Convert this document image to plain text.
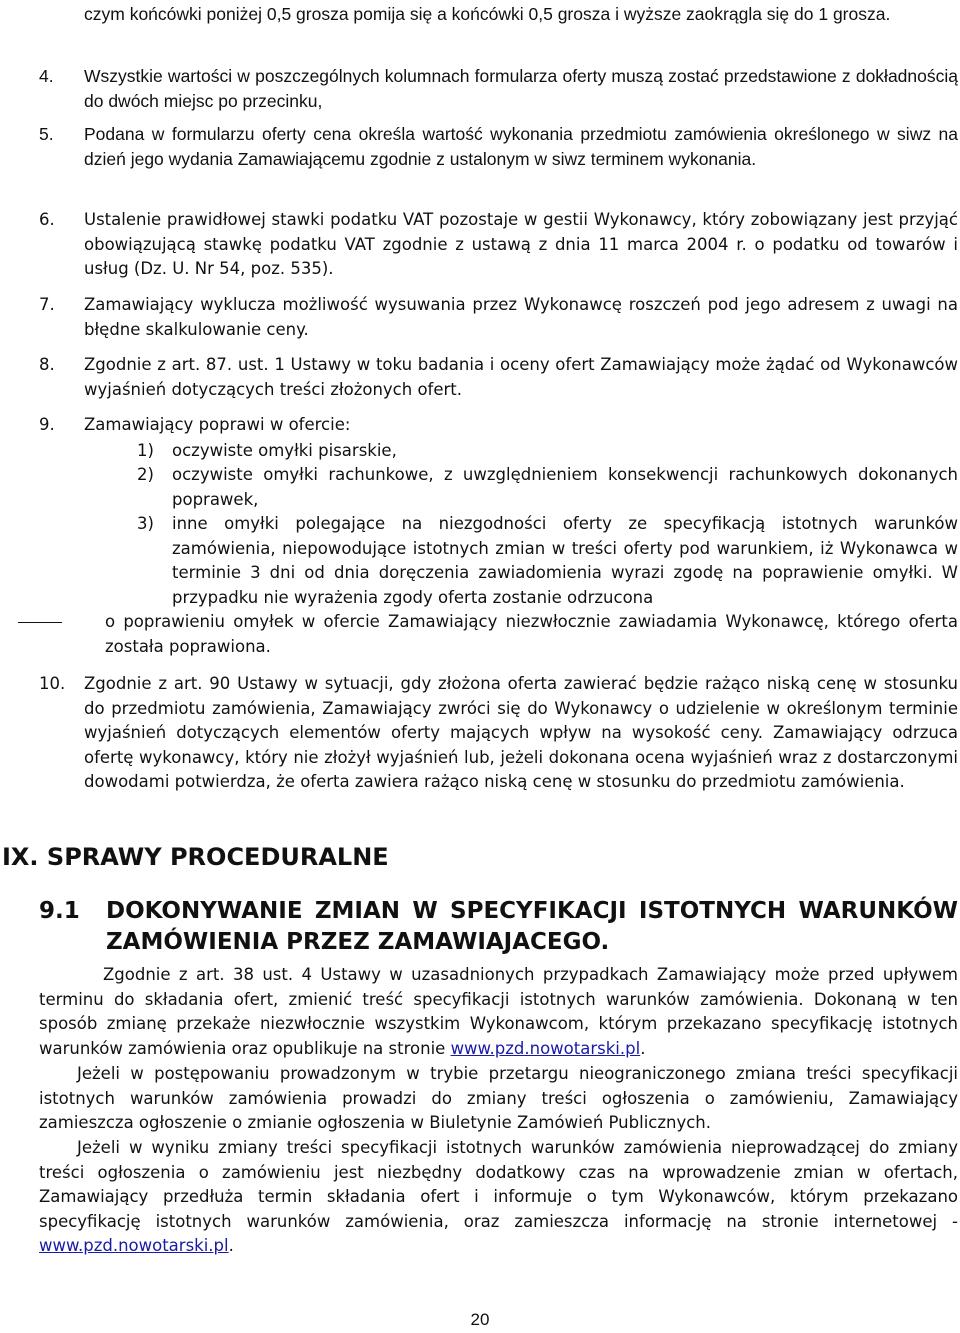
czym końcówki poniżej 0,5 grosza pomija się a końcówki 0,5 grosza i wyższe zaokrągla się do 1 grosza.

4. Wszystkie wartości w poszczególnych kolumnach formularza oferty muszą zostać przedstawione z dokładnością do dwóch miejsc po przecinku,

5. Podana w formularzu oferty cena określa wartość wykonania przedmiotu zamówienia określonego w siwz na dzień jego wydania Zamawiającemu zgodnie z ustalonym w siwz terminem wykonania.

6. Ustalenie prawidłowej stawki podatku VAT pozostaje w gestii Wykonawcy, który zobowiązany jest przyjąć obowiązującą stawkę podatku VAT zgodnie z ustawą z dnia 11 marca 2004 r. o podatku od towarów i usług (Dz. U. Nr 54, poz. 535).

7. Zamawiający wyklucza możliwość wysuwania przez Wykonawcę roszczeń pod jego adresem z uwagi na błędne skalkulowanie ceny.

8. Zgodnie z art. 87. ust. 1 Ustawy w toku badania i oceny ofert Zamawiający może żądać od Wykonawców wyjaśnień dotyczących treści złożonych ofert.

9. Zamawiający poprawi w ofercie:

1) oczywiste omyłki pisarskie,

2) oczywiste omyłki rachunkowe, z uwzględnieniem konsekwencji rachunkowych dokonanych poprawek,

3) inne omyłki polegające na niezgodności oferty ze specyfikacją istotnych warunków zamówienia, niepowodujące istotnych zmian w treści oferty pod warunkiem, iż Wykonawca w terminie 3 dni od dnia doręczenia zawiadomienia wyrazi zgodę na poprawienie omyłki. W przypadku nie wyrażenia zgody oferta zostanie odrzucona

o poprawieniu omyłek w ofercie Zamawiający niezwłocznie zawiadamia Wykonawcę, którego oferta została poprawiona.

10. Zgodnie z art. 90 Ustawy w sytuacji, gdy złożona oferta zawierać będzie rażąco niską cenę w stosunku do przedmiotu zamówienia, Zamawiający zwróci się do Wykonawcy o udzielenie w określonym terminie wyjaśnień dotyczących elementów oferty mających wpływ na wysokość ceny. Zamawiający odrzuca ofertę wykonawcy, który nie złożył wyjaśnień lub, jeżeli dokonana ocena wyjaśnień wraz z dostarczonymi dowodami potwierdza, że oferta zawiera rażąco niską cenę w stosunku do przedmiotu zamówienia.

IX. SPRAWY PROCEDURALNE
9.1 DOKONYWANIE ZMIAN W SPECYFIKACJI ISTOTNYCH WARUNKÓW ZAMÓWIENIA PRZEZ ZAMAWIAJACEGO.

Zgodnie z art. 38 ust. 4 Ustawy w uzasadnionych przypadkach Zamawiający może przed upływem terminu do składania ofert, zmienić treść specyfikacji istotnych warunków zamówienia. Dokonaną w ten sposób zmianę przekaże niezwłocznie wszystkim Wykonawcom, którym przekazano specyfikację istotnych warunków zamówienia oraz opublikuje na stronie www.pzd.nowotarski.pl.

Jeżeli w postępowaniu prowadzonym w trybie przetargu nieograniczonego zmiana treści specyfikacji istotnych warunków zamówienia prowadzi do zmiany treści ogłoszenia o zamówieniu, Zamawiający zamieszcza ogłoszenie o zmianie ogłoszenia w Biuletynie Zamówień Publicznych.

Jeżeli w wyniku zmiany treści specyfikacji istotnych warunków zamówienia nieprowadzącej do zmiany treści ogłoszenia o zamówieniu jest niezbędny dodatkowy czas na wprowadzenie zmian w ofertach, Zamawiający przedłuża termin składania ofert i informuje o tym Wykonawców, którym przekazano specyfikację istotnych warunków zamówienia, oraz zamieszcza informację na stronie internetowej - www.pzd.nowotarski.pl.

20
